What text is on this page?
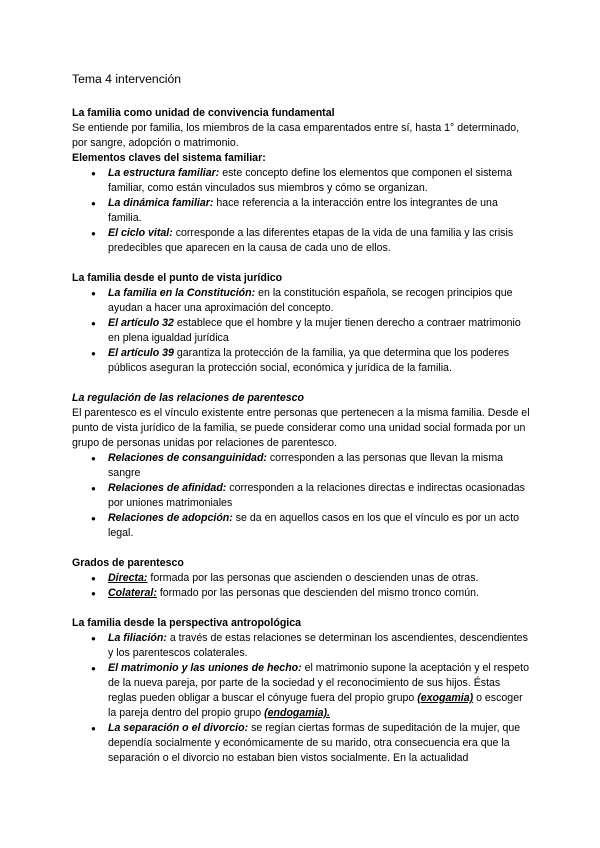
Tema 4 intervención

La familia como unidad de convivencia fundamental

Se entiende por familia, los miembros de la casa emparentados entre sí, hasta 1° determinado, por sangre, adopción o matrimonio.

Elementos claves del sistema familiar:

● La estructura familiar: este concepto define los elementos que componen el sistema familiar, como están vinculados sus miembros y cómo se organizan.
● La dinámica familiar: hace referencia a la interacción entre los integrantes de una familia.
● El ciclo vital: corresponde a las diferentes etapas de la vida de una familia y las crisis predecibles que aparecen en la causa de cada uno de ellos.

La familia desde el punto de vista jurídico

● La familia en la Constitución: en la constitución española, se recogen principios que ayudan a hacer una aproximación del concepto.
● El artículo 32 establece que el hombre y la mujer tienen derecho a contraer matrimonio en plena igualdad jurídica
● El artículo 39 garantiza la protección de la familia, ya que determina que los poderes públicos aseguran la protección social, económica y jurídica de la familia.

La regulación de las relaciones de parentesco

El parentesco es el vínculo existente entre personas que pertenecen a la misma familia. Desde el punto de vista jurídico de la familia, se puede considerar como una unidad social formada por un grupo de personas unidas por relaciones de parentesco.

● Relaciones de consanguinidad: corresponden a las personas que llevan la misma sangre
● Relaciones de afinidad: corresponden a la relaciones directas e indirectas ocasionadas por uniones matrimoniales
● Relaciones de adopción: se da en aquellos casos en los que el vínculo es por un acto legal.

Grados de parentesco

● Directa: formada por las personas que ascienden o descienden unas de otras.
● Colateral: formado por las personas que descienden del mismo tronco común.

La familia desde la perspectiva antropológica

● La filiación: a través de estas relaciones se determinan los ascendientes, descendientes y los parentescos colaterales.
● El matrimonio y las uniones de hecho: el matrimonio supone la aceptación y el respeto de la nueva pareja, por parte de la sociedad y el reconocimiento de sus hijos. Éstas reglas pueden obligar a buscar el cónyuge fuera del propio grupo (exogamia) o escoger la pareja dentro del propio grupo (endogamia).
● La separación o el divorcio: se regían ciertas formas de supeditación de la mujer, que dependía socialmente y económicamente de su marido, otra consecuencia era que la separación o el divorcio no estaban bien vistos socialmente. En la actualidad
